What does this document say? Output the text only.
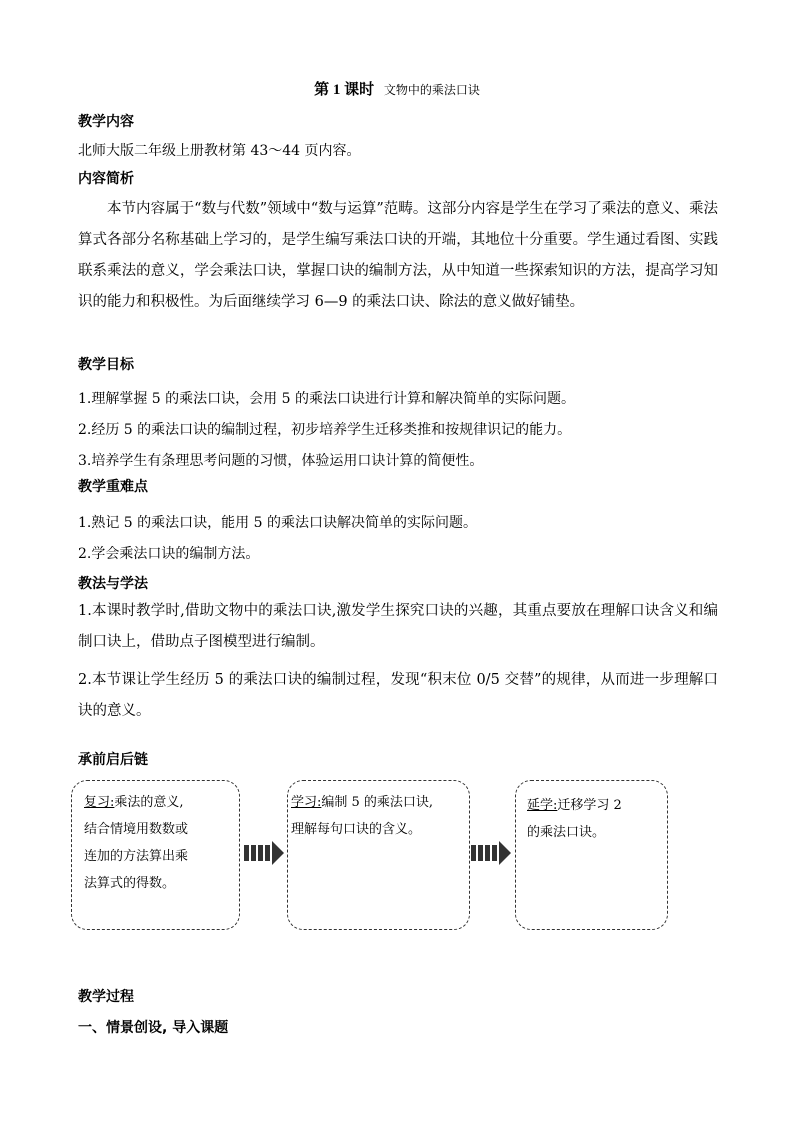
第 1 课时 文物中的乘法口诀
教学内容
北师大版二年级上册教材第 43～44 页内容。
内容简析
本节内容属于“数与代数”领域中“数与运算”范畴。这部分内容是学生在学习了乘法的意义、乘法算式各部分名称基础上学习的，是学生编写乘法口诀的开端，其地位十分重要。学生通过看图、实践联系乘法的意义，学会乘法口诀，掌握口诀的编制方法，从中知道一些探索知识的方法，提高学习知识的能力和积极性。为后面继续学习 6—9 的乘法口诀、除法的意义做好铺垫。
教学目标
1.理解掌握 5 的乘法口诀，会用 5 的乘法口诀进行计算和解决简单的实际问题。
2.经历 5 的乘法口诀的编制过程，初步培养学生迁移类推和按规律识记的能力。
3.培养学生有条理思考问题的习惯，体验运用口诀计算的简便性。
教学重难点
1.熟记 5 的乘法口诀，能用 5 的乘法口诀解决简单的实际问题。
2.学会乘法口诀的编制方法。
教法与学法
1.本课时教学时,借助文物中的乘法口诀,激发学生探究口诀的兴趣，其重点要放在理解口诀含义和编制口诀上，借助点子图模型进行编制。
2.本节课让学生经历 5 的乘法口诀的编制过程，发现“积末位 0/5 交替”的规律，从而进一步理解口诀的意义。
承前启后链
复习:乘法的意义,
结合情境用数数或
连加的方法算出乘
法算式的得数。
学习:编制 5 的乘法口诀,
理解每句口诀的含义。
延学:迁移学习 2
的乘法口诀。
教学过程
一、情景创设, 导入课题
